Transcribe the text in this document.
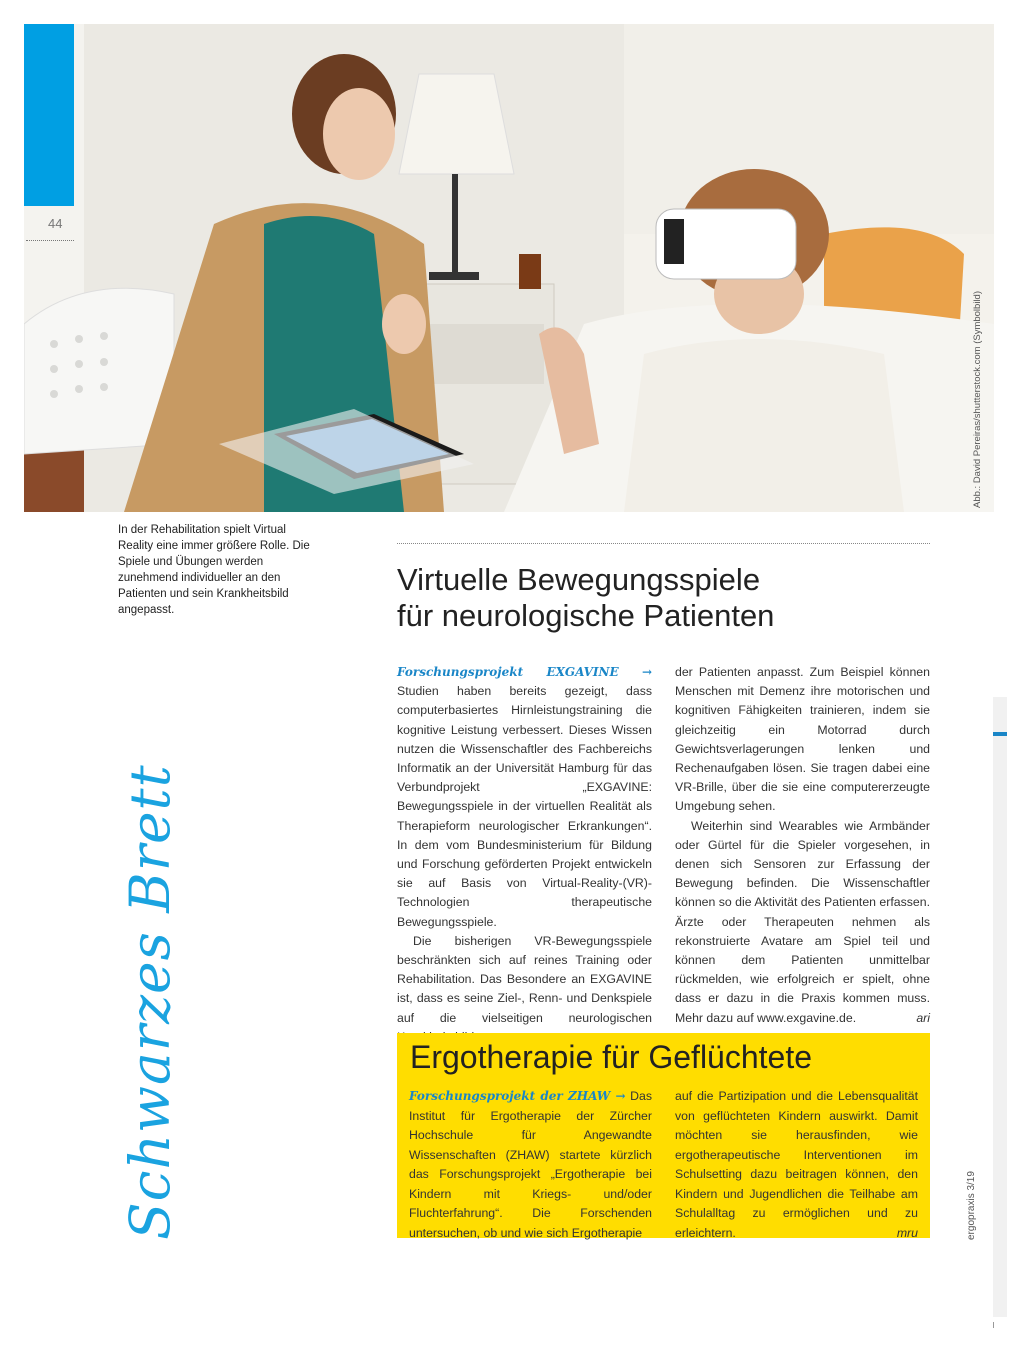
44
Abb.: David Pereiras/shutterstock.com (Symbolbild)
In der Rehabilitation spielt Virtual Reality eine immer größere Rolle. Die Spiele und Übungen werden zunehmend individueller an den Patienten und sein Krankheitsbild angepasst.
Schwarzes Brett	ergopraxis 3/19
Virtuelle Bewegungsspiele
für neurologische Patienten

Forschungsprojekt EXGAVINE → Studien haben bereits gezeigt, dass computerbasiertes Hirnleistungstraining die kognitive Leistung verbessert. Dieses Wissen nutzen die Wissenschaftler des Fachbereichs Informatik an der Universität Hamburg für das Verbundprojekt „EXGAVINE: Bewegungsspiele in der virtuellen Realität als Therapieform neurologischer Erkrankungen“. In dem vom Bundesministerium für Bildung und Forschung geförderten Projekt entwickeln sie auf Basis von Virtual-Reality-(VR)-Technologien therapeutische Bewegungsspiele.

Die bisherigen VR-Bewegungsspiele beschränkten sich auf reines Training oder Rehabilitation. Das Besondere an EXGAVINE ist, dass es seine Ziel-, Renn- und Denkspiele auf die vielseitigen neurologischen

der Patienten anpasst. Zum Beispiel können Menschen mit Demenz ihre motorischen und kognitiven Fähigkeiten trainieren, indem sie gleichzeitig ein Motorrad durch Gewichtsverlagerungen lenken und Rechenaufgaben lösen. Sie tragen dabei eine VR-Brille, über die sie eine computererzeugte Umgebung sehen.

Weiterhin sind Wearables wie Armbänder oder Gürtel für die Spieler vorgesehen, in denen sich Sensoren zur Erfassung der Bewegung befinden. Die Wissenschaftler können so die Aktivität des Patienten erfassen. Ärzte oder Therapeuten nehmen als rekonstruierte Avatare am Spiel teil und können dem Patienten unmittelbar rückmelden, wie erfolgreich er spielt, ohne dass er dazu in die Praxis kommen muss. Mehr dazu auf www.exgavine.de.	ari

Ergotherapie für Geflüchtete

Forschungsprojekt der ZHAW → Das Institut für Ergotherapie der Zürcher Hochschule für Angewandte Wissenschaften (ZHAW) startete kürzlich das Forschungsprojekt „Ergotherapie bei Kindern mit Kriegs- und/oder Fluchterfahrung“. Die Forschenden untersuchen, ob und wie sich Ergotherapie

auf die Partizipation und die Lebensqualität von geflüchteten Kindern auswirkt. Damit möchten sie herausfinden, wie ergotherapeutische Interventionen im Schulsetting dazu beitragen können, den Kindern und Jugendlichen die Teilhabe am Schulalltag zu ermöglichen und zu erleichtern.	mru
